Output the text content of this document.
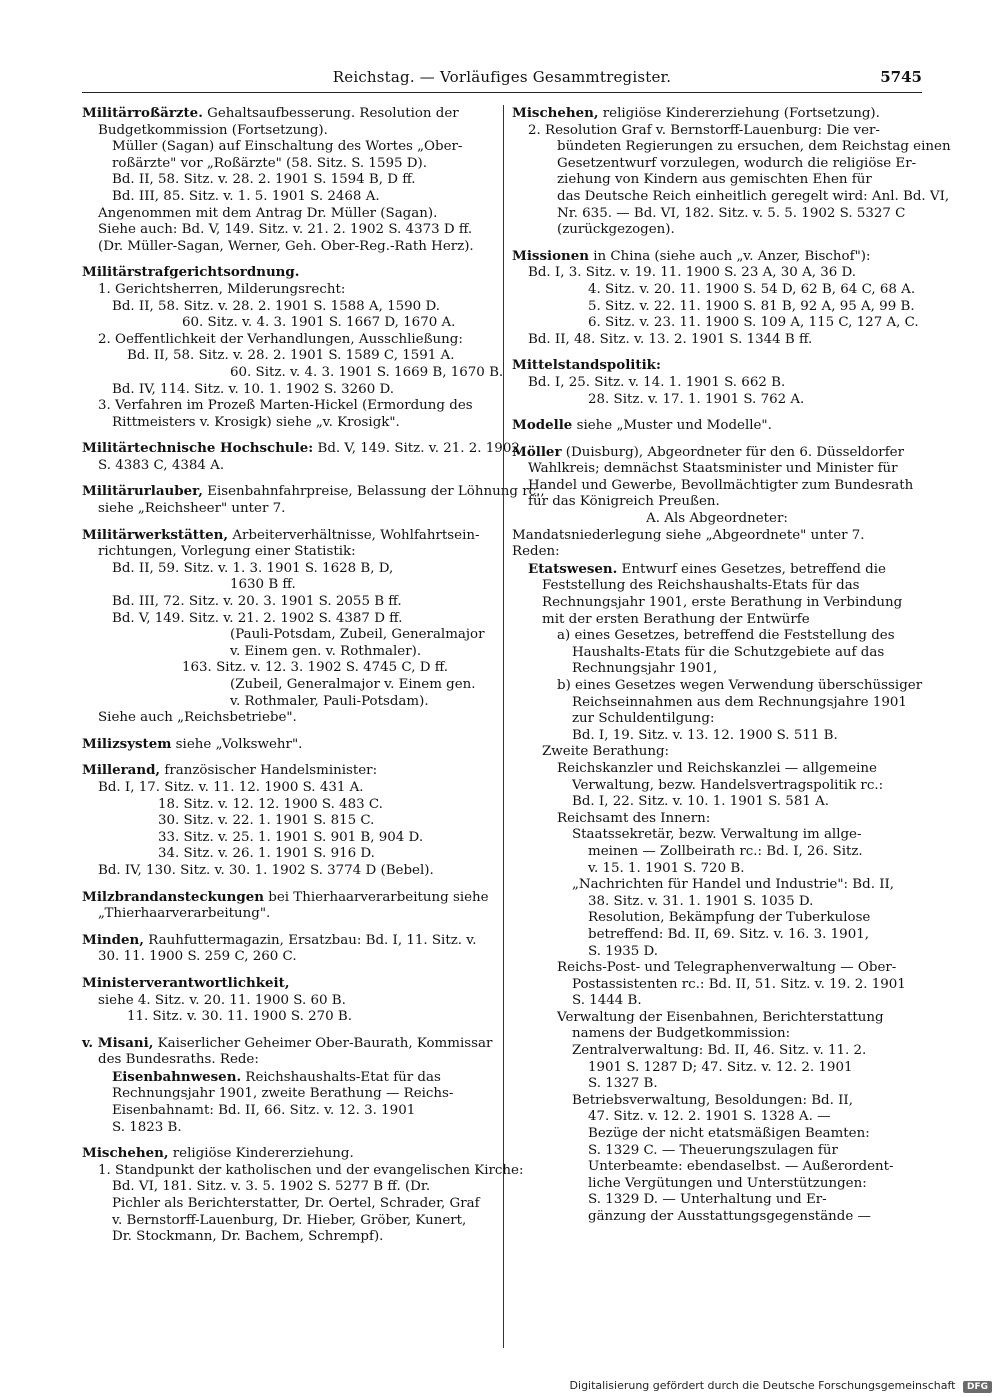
Reichstag. — Vorläufiges Gesammtregister.	5745
Militärroßärzte. Gehaltsaufbesserung. Resolution der
Budgetkommission (Fortsetzung).
Müller (Sagan) auf Einschaltung des Wortes „Ober-
roßärzte" vor „Roßärzte" (58. Sitz. S. 1595 D).
Bd. II, 58. Sitz. v. 28. 2. 1901 S. 1594 B, D ff.
Bd. III, 85. Sitz. v. 1. 5. 1901 S. 2468 A.
Angenommen mit dem Antrag Dr. Müller (Sagan).
Siehe auch: Bd. V, 149. Sitz. v. 21. 2. 1902 S. 4373 D ff.
(Dr. Müller-Sagan, Werner, Geh. Ober-Reg.-Rath Herz).
Militärstrafgerichtsordnung.
1. Gerichtsherren, Milderungsrecht:
Bd. II, 58. Sitz. v. 28. 2. 1901 S. 1588 A, 1590 D.
60. Sitz. v. 4. 3. 1901 S. 1667 D, 1670 A.
2. Oeffentlichkeit der Verhandlungen, Ausschließung:
Bd. II, 58. Sitz. v. 28. 2. 1901 S. 1589 C, 1591 A.
60. Sitz. v. 4. 3. 1901 S. 1669 B, 1670 B.
Bd. IV, 114. Sitz. v. 10. 1. 1902 S. 3260 D.
3. Verfahren im Prozeß Marten-Hickel (Ermordung des
Rittmeisters v. Krosigk) siehe „v. Krosigk".
Militärtechnische Hochschule: Bd. V, 149. Sitz. v. 21. 2. 1902
S. 4383 C, 4384 A.
Militärurlauber, Eisenbahnfahrpreise, Belassung der Löhnung rc.,
siehe „Reichsheer" unter 7.
Militärwerkstätten, Arbeiterverhältnisse, Wohlfahrtsein-
richtungen, Vorlegung einer Statistik:
Bd. II, 59. Sitz. v. 1. 3. 1901 S. 1628 B, D,
1630 B ff.
Bd. III, 72. Sitz. v. 20. 3. 1901 S. 2055 B ff.
Bd. V, 149. Sitz. v. 21. 2. 1902 S. 4387 D ff.
(Pauli-Potsdam, Zubeil, Generalmajor
v. Einem gen. v. Rothmaler).
163. Sitz. v. 12. 3. 1902 S. 4745 C, D ff.
(Zubeil, Generalmajor v. Einem gen.
v. Rothmaler, Pauli-Potsdam).
Siehe auch „Reichsbetriebe".
Milizsystem siehe „Volkswehr".
Millerand, französischer Handelsminister:
Bd. I, 17. Sitz. v. 11. 12. 1900 S. 431 A.
18. Sitz. v. 12. 12. 1900 S. 483 C.
30. Sitz. v. 22. 1. 1901 S. 815 C.
33. Sitz. v. 25. 1. 1901 S. 901 B, 904 D.
34. Sitz. v. 26. 1. 1901 S. 916 D.
Bd. IV, 130. Sitz. v. 30. 1. 1902 S. 3774 D (Bebel).
Milzbrandansteckungen bei Thierhaarverarbeitung siehe
„Thierhaarverarbeitung".
Minden, Rauhfuttermagazin, Ersatzbau: Bd. I, 11. Sitz. v.
30. 11. 1900 S. 259 C, 260 C.
Ministerverantwortlichkeit,
siehe 4. Sitz. v. 20. 11. 1900 S. 60 B.
11. Sitz. v. 30. 11. 1900 S. 270 B.
v. Misani, Kaiserlicher Geheimer Ober-Baurath, Kommissar
des Bundesraths. Rede:
Eisenbahnwesen. Reichshaushalts-Etat für das
Rechnungsjahr 1901, zweite Berathung — Reichs-
Eisenbahnamt: Bd. II, 66. Sitz. v. 12. 3. 1901
S. 1823 B.
Mischehen, religiöse Kindererziehung.
1. Standpunkt der katholischen und der evangelischen Kirche:
Bd. VI, 181. Sitz. v. 3. 5. 1902 S. 5277 B ff. (Dr.
Pichler als Berichterstatter, Dr. Oertel, Schrader, Graf
v. Bernstorff-Lauenburg, Dr. Hieber, Gröber, Kunert,
Dr. Stockmann, Dr. Bachem, Schrempf).
Mischehen, religiöse Kindererziehung (Fortsetzung).
2. Resolution Graf v. Bernstorff-Lauenburg: Die ver-
bündeten Regierungen zu ersuchen, dem Reichstag einen
Gesetzentwurf vorzulegen, wodurch die religiöse Er-
ziehung von Kindern aus gemischten Ehen für
das Deutsche Reich einheitlich geregelt wird: Anl. Bd. VI,
Nr. 635. — Bd. VI, 182. Sitz. v. 5. 5. 1902 S. 5327 C
(zurückgezogen).
Missionen in China (siehe auch „v. Anzer, Bischof"):
Bd. I, 3. Sitz. v. 19. 11. 1900 S. 23 A, 30 A, 36 D.
4. Sitz. v. 20. 11. 1900 S. 54 D, 62 B, 64 C, 68 A.
5. Sitz. v. 22. 11. 1900 S. 81 B, 92 A, 95 A, 99 B.
6. Sitz. v. 23. 11. 1900 S. 109 A, 115 C, 127 A, C.
Bd. II, 48. Sitz. v. 13. 2. 1901 S. 1344 B ff.
Mittelstandspolitik:
Bd. I, 25. Sitz. v. 14. 1. 1901 S. 662 B.
28. Sitz. v. 17. 1. 1901 S. 762 A.
Modelle siehe „Muster und Modelle".
Möller (Duisburg), Abgeordneter für den 6. Düsseldorfer
Wahlkreis; demnächst Staatsminister und Minister für
Handel und Gewerbe, Bevollmächtigter zum Bundesrath
für das Königreich Preußen.
A. Als Abgeordneter:
Mandatsniederlegung siehe „Abgeordnete" unter 7.
Reden:
Etatswesen. Entwurf eines Gesetzes, betreffend die
Feststellung des Reichshaushalts-Etats für das
Rechnungsjahr 1901, erste Berathung in Verbindung
mit der ersten Berathung der Entwürfe
a) eines Gesetzes, betreffend die Feststellung des
Haushalts-Etats für die Schutzgebiete auf das
Rechnungsjahr 1901,
b) eines Gesetzes wegen Verwendung überschüssiger
Reichseinnahmen aus dem Rechnungsjahre 1901
zur Schuldentilgung:
Bd. I, 19. Sitz. v. 13. 12. 1900 S. 511 B.
Zweite Berathung:
Reichskanzler und Reichskanzlei — allgemeine
Verwaltung, bezw. Handelsvertragspolitik rc.:
Bd. I, 22. Sitz. v. 10. 1. 1901 S. 581 A.
Reichsamt des Innern:
Staatssekretär, bezw. Verwaltung im allge-
meinen — Zollbeirath rc.: Bd. I, 26. Sitz.
v. 15. 1. 1901 S. 720 B.
„Nachrichten für Handel und Industrie": Bd. II,
38. Sitz. v. 31. 1. 1901 S. 1035 D.
Resolution, Bekämpfung der Tuberkulose
betreffend: Bd. II, 69. Sitz. v. 16. 3. 1901,
S. 1935 D.
Reichs-Post- und Telegraphenverwaltung — Ober-
Postassistenten rc.: Bd. II, 51. Sitz. v. 19. 2. 1901
S. 1444 B.
Verwaltung der Eisenbahnen, Berichterstattung
namens der Budgetkommission:
Zentralverwaltung: Bd. II, 46. Sitz. v. 11. 2.
1901 S. 1287 D; 47. Sitz. v. 12. 2. 1901
S. 1327 B.
Betriebsverwaltung, Besoldungen: Bd. II,
47. Sitz. v. 12. 2. 1901 S. 1328 A. —
Bezüge der nicht etatsmäßigen Beamten:
S. 1329 C. — Theuerungszulagen für
Unterbeamte: ebendaselbst. — Außerordent-
liche Vergütungen und Unterstützungen:
S. 1329 D. — Unterhaltung und Er-
gänzung der Ausstattungsgegenstände —
Digitalisierung gefördert durch die Deutsche Forschungsgemeinschaft DFG
